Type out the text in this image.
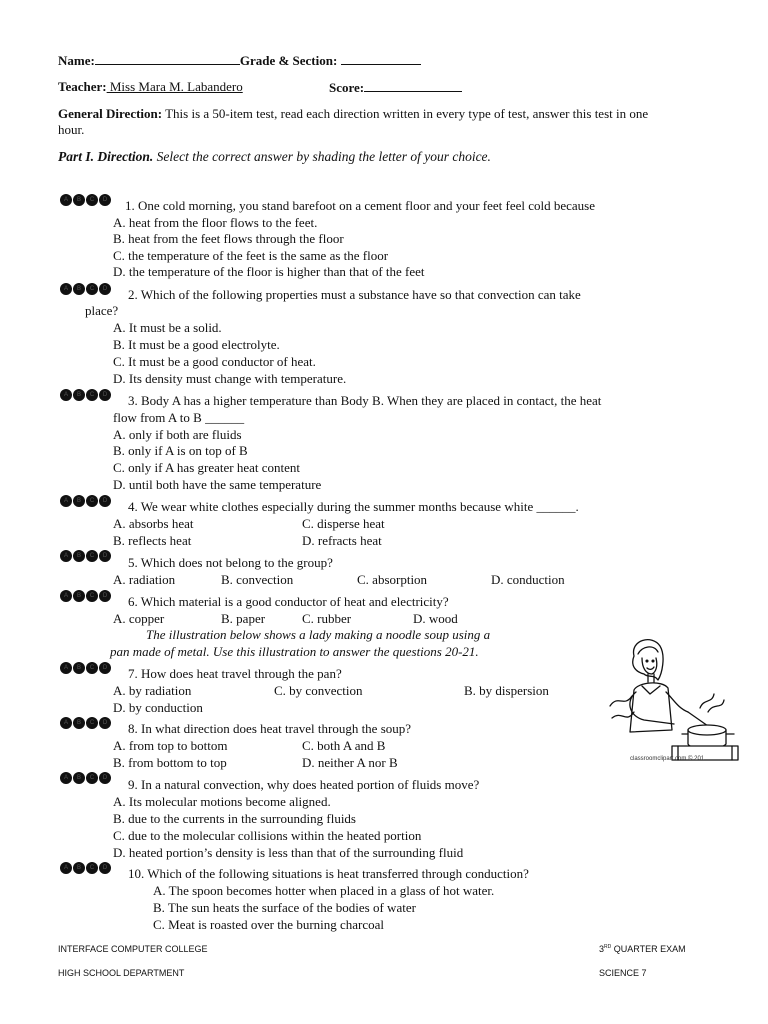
Name:	Grade & Section:
Teacher: Miss Mara M. Labandero	Score:
General Direction: This is a 50-item test, read each direction written in every type of test, answer this test in one
hour.
Part I. Direction. Select the correct answer by shading the letter of your choice.
A	B	C	D
A	B	C	D
A	B	C	D
A	B	C	D
A	B	C	D
A	B	C	D
A	B	C	D
A	B	C	D
A	B	C	D
A	B	C	D
1. One cold morning, you stand barefoot on a cement floor and your feet feel cold because
A. heat from the floor flows to the feet.
B. heat from the feet flows through the floor
C. the temperature of the feet is the same as the floor
D. the temperature of the floor is higher than that of the feet
2. Which of the following properties must a substance have so that convection can take
place?
A. It must be a solid.
B. It must be a good electrolyte.
C. It must be a good conductor of heat.
D. Its density must change with temperature.
3. Body A has a higher temperature than Body B. When they are placed in contact, the heat
flow from A to B ______
A. only if both are fluids
B. only if A is on top of B
C. only if A has greater heat content
D. until both have the same temperature
4. We wear white clothes especially during the summer months because white ______.
A. absorbs heat	C. disperse heat
B. reflects heat	D. refracts heat
5. Which does not belong to the group?
A. radiation	B. convection	C. absorption	D. conduction
6. Which material is a good conductor of heat and electricity?
A. copper	B. paper	C. rubber	D. wood
The illustration below shows a lady making a noodle soup using a
pan made of metal. Use this illustration to answer the questions 20-21.
7. How does heat travel through the pan?
A. by radiation	C. by convection	B. by dispersion
D. by conduction
8. In what direction does heat travel through the soup?
A. from top to bottom	C. both A and B
B. from bottom to top	D. neither A nor B
9. In a natural convection, why does heated portion of fluids move?
A. Its molecular motions become aligned.
B. due to the currents in the surrounding fluids
C. due to the molecular collisions within the heated portion
D. heated portion’s density is less than that of the surrounding fluid
10. Which of the following situations is heat transferred through conduction?
A. The spoon becomes hotter when placed in a glass of hot water.
B. The sun heats the surface of the bodies of water
C. Meat is roasted over the burning charcoal
classroomclipart.com © 201
INTERFACE COMPUTER COLLEGE	3RD QUARTER EXAM
HIGH SCHOOL DEPARTMENT	SCIENCE 7
